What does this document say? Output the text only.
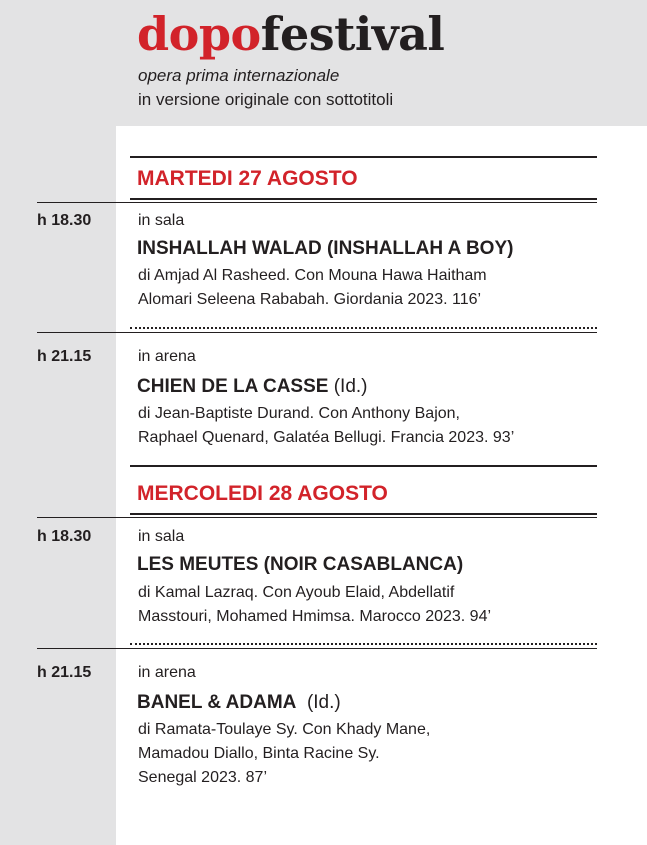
dopofestival
opera prima internazionale
in versione originale con sottotitoli
MARTEDI 27 AGOSTO
h 18.30	in sala
INSHALLAH WALAD (INSHALLAH A BOY)
di Amjad Al Rasheed. Con Mouna Hawa Haitham
Alomari Seleena Rababah. Giordania 2023. 116’
h 21.15	in arena
CHIEN DE LA CASSE (Id.)
di Jean-Baptiste Durand. Con Anthony Bajon,
Raphael Quenard, Galatéa Bellugi. Francia 2023. 93’
MERCOLEDI 28 AGOSTO
h 18.30	in sala
LES MEUTES (NOIR CASABLANCA)
di Kamal Lazraq. Con Ayoub Elaid, Abdellatif
Masstouri, Mohamed Hmimsa. Marocco 2023. 94’
h 21.15	in arena
BANEL & ADAMA (Id.)
di Ramata-Toulaye Sy. Con Khady Mane,
Mamadou Diallo, Binta Racine Sy.
Senegal 2023. 87’
